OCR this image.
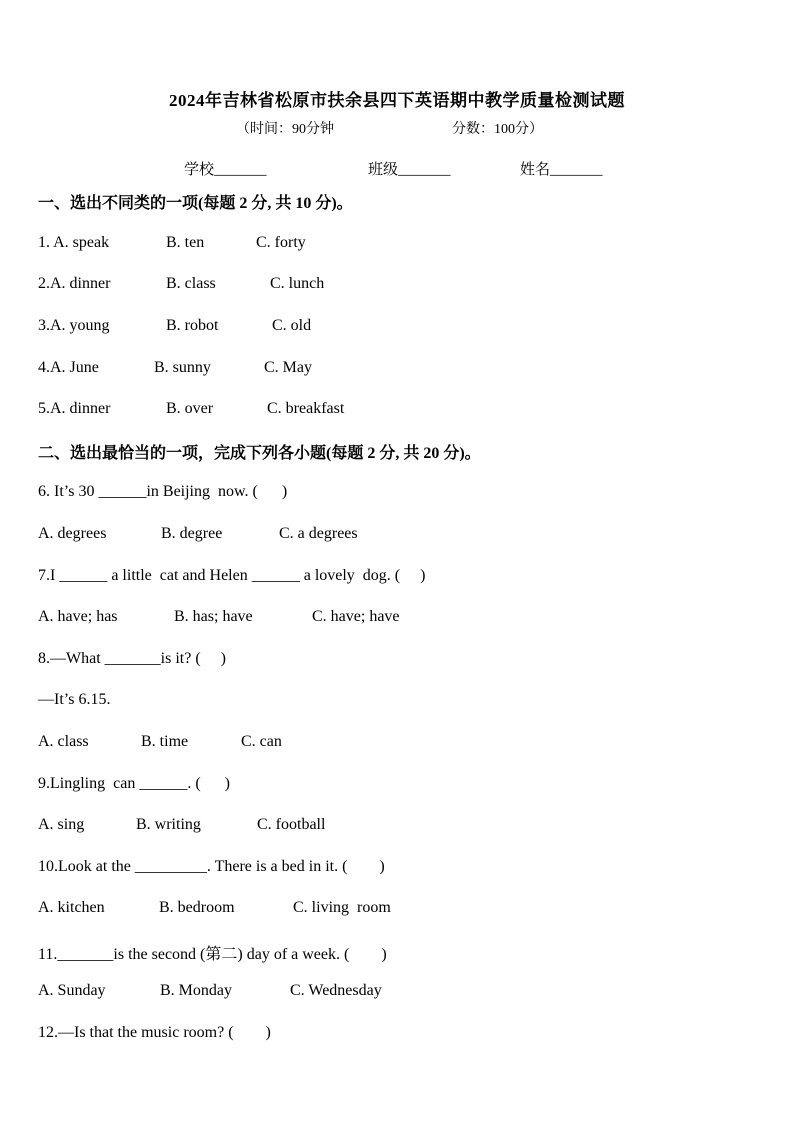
2024年吉林省松原市扶余县四下英语期中教学质量检测试题
（时间：90分钟	分数：100分）
学校_______	班级_______	姓名_______
一、选出不同类的一项(每题 2 分, 共 10 分)。
1. A. speak	B. ten	C. forty
2.A. dinner	B. class	C. lunch
3.A. young	B. robot	C. old
4.A. June	B. sunny	C. May
5.A. dinner	B. over	C. breakfast
二、选出最恰当的一项，完成下列各小题(每题 2 分, 共 20 分)。
6. It’s 30 ______in Beijing  now. (      )
A. degrees	B. degree	C. a degrees
7.I ______ a little  cat and Helen ______ a lovely  dog. (     )
A. have; has	B. has; have	C. have; have
8.—What _______is it? (     )
—It’s 6.15.
A. class	B. time	C. can
9.Lingling  can ______. (      )
A. sing	B. writing	C. football
10.Look at the _________. There is a bed in it. (        )
A. kitchen	B. bedroom	C. living  room
11._______is the second (第二) day of a week. (        )
A. Sunday	B. Monday	C. Wednesday
12.—Is that the music room? (        )
